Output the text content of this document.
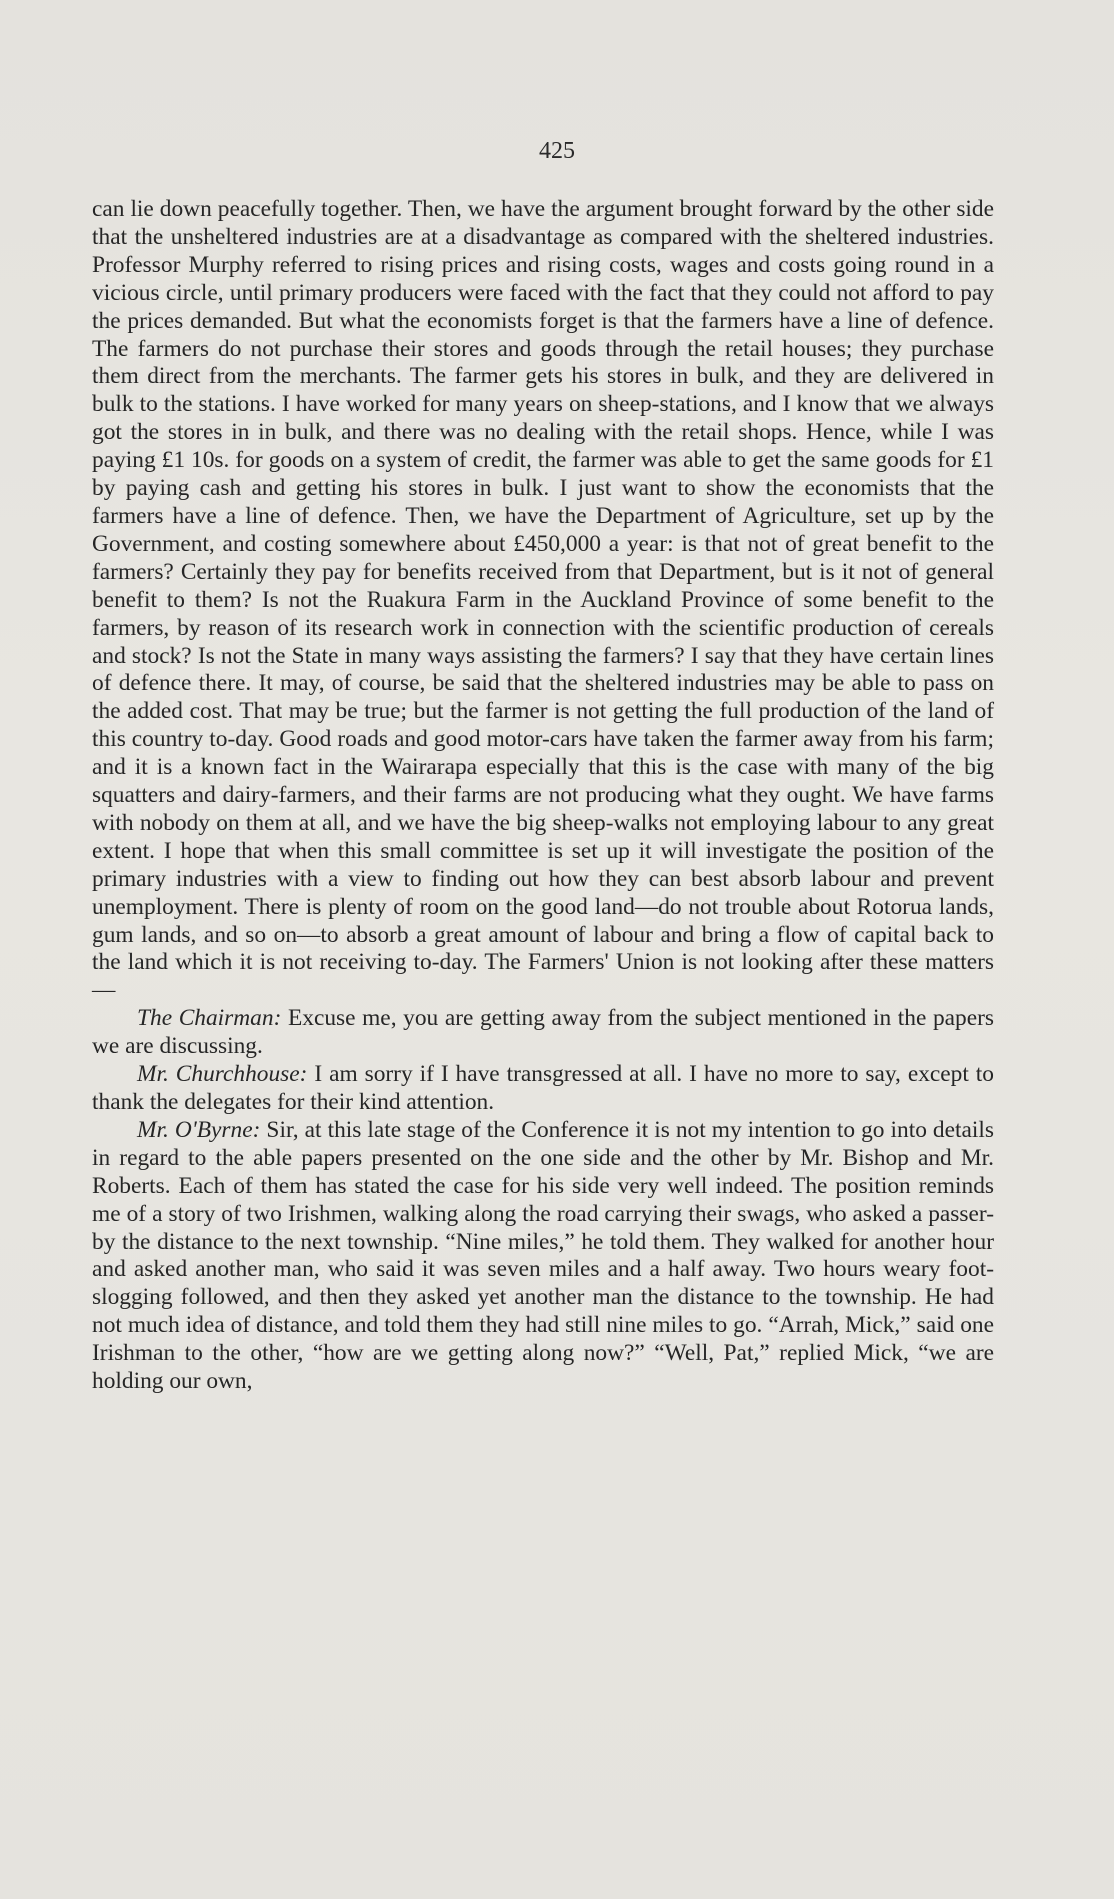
425

can lie down peacefully together. Then, we have the argument brought forward by the other side that the unsheltered industries are at a disadvantage as compared with the sheltered industries. Professor Murphy referred to rising prices and rising costs, wages and costs going round in a vicious circle, until primary producers were faced with the fact that they could not afford to pay the prices demanded. But what the economists forget is that the farmers have a line of defence. The farmers do not purchase their stores and goods through the retail houses; they purchase them direct from the merchants. The farmer gets his stores in bulk, and they are delivered in bulk to the stations. I have worked for many years on sheep-stations, and I know that we always got the stores in in bulk, and there was no dealing with the retail shops. Hence, while I was paying £1 10s. for goods on a system of credit, the farmer was able to get the same goods for £1 by paying cash and getting his stores in bulk. I just want to show the economists that the farmers have a line of defence. Then, we have the Department of Agriculture, set up by the Government, and costing somewhere about £450,000 a year: is that not of great benefit to the farmers? Certainly they pay for benefits received from that Department, but is it not of general benefit to them? Is not the Ruakura Farm in the Auckland Province of some benefit to the farmers, by reason of its research work in connection with the scientific production of cereals and stock? Is not the State in many ways assisting the farmers? I say that they have certain lines of defence there. It may, of course, be said that the sheltered industries may be able to pass on the added cost. That may be true; but the farmer is not getting the full production of the land of this country to-day. Good roads and good motor-cars have taken the farmer away from his farm; and it is a known fact in the Wairarapa especially that this is the case with many of the big squatters and dairy-farmers, and their farms are not producing what they ought. We have farms with nobody on them at all, and we have the big sheep-walks not employing labour to any great extent. I hope that when this small committee is set up it will investigate the position of the primary industries with a view to finding out how they can best absorb labour and prevent unemployment. There is plenty of room on the good land—do not trouble about Rotorua lands, gum lands, and so on—to absorb a great amount of labour and bring a flow of capital back to the land which it is not receiving to-day. The Farmers' Union is not looking after these matters—

The Chairman: Excuse me, you are getting away from the subject mentioned in the papers we are discussing.

Mr. Churchhouse: I am sorry if I have transgressed at all. I have no more to say, except to thank the delegates for their kind attention.

Mr. O'Byrne: Sir, at this late stage of the Conference it is not my intention to go into details in regard to the able papers presented on the one side and the other by Mr. Bishop and Mr. Roberts. Each of them has stated the case for his side very well indeed. The position reminds me of a story of two Irishmen, walking along the road carrying their swags, who asked a passer-by the distance to the next township. “Nine miles,” he told them. They walked for another hour and asked another man, who said it was seven miles and a half away. Two hours weary foot-slogging followed, and then they asked yet another man the distance to the township. He had not much idea of distance, and told them they had still nine miles to go. “Arrah, Mick,” said one Irishman to the other, “how are we getting along now?” “Well, Pat,” replied Mick, “we are holding our own,
